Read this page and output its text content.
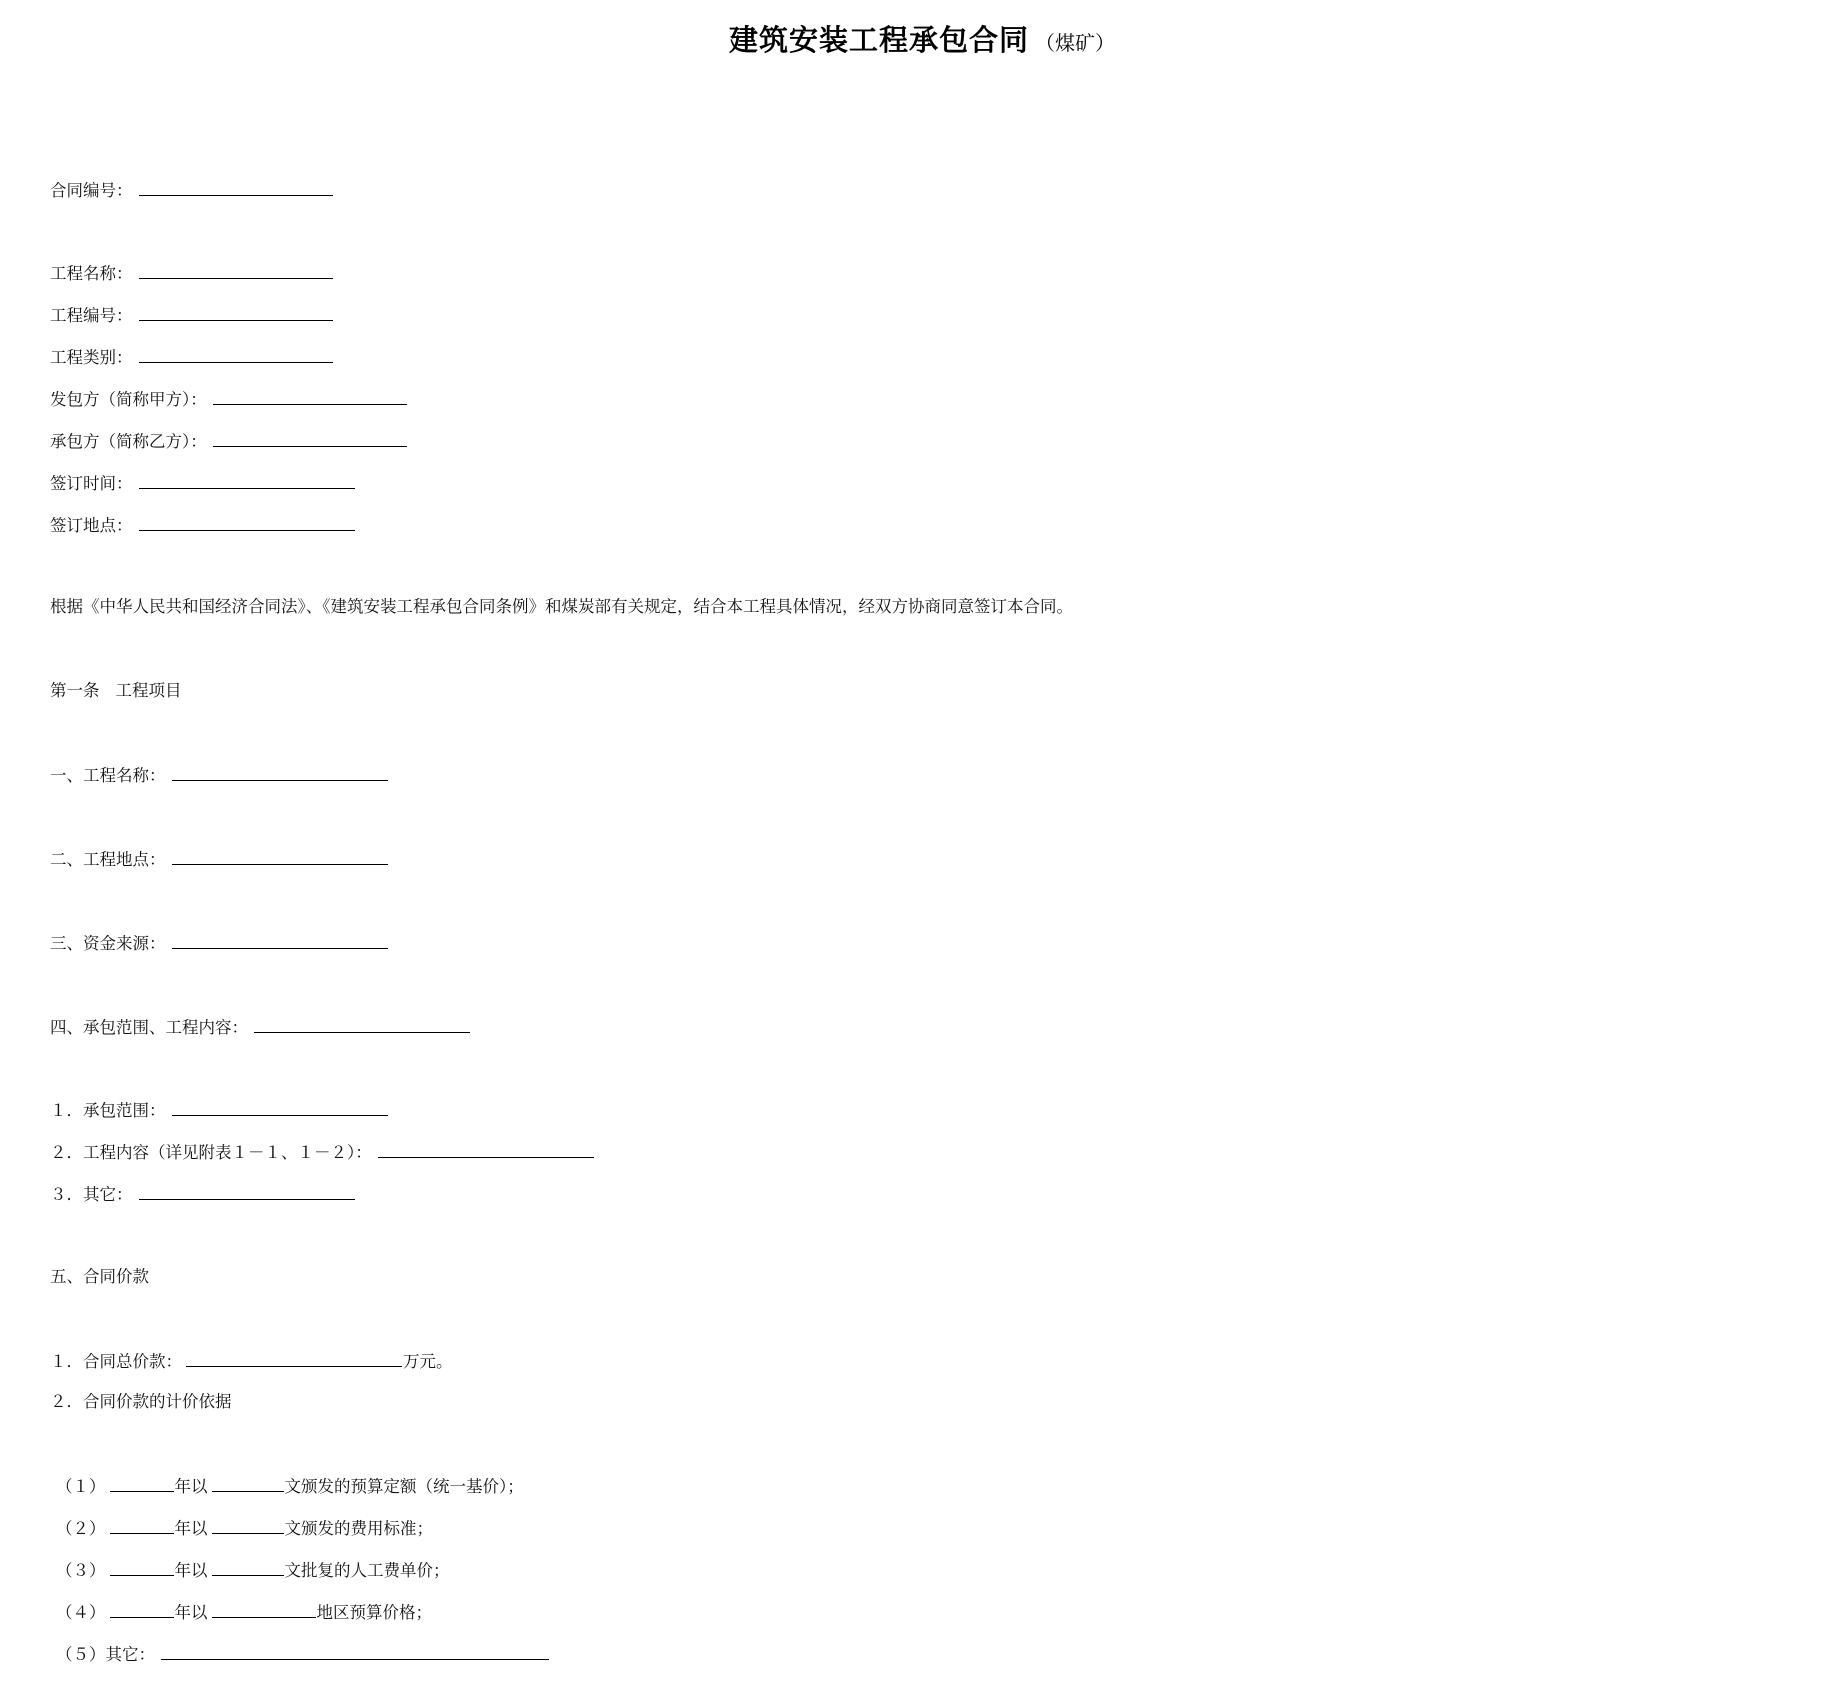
建筑安装工程承包合同 （煤矿）
合同编号：
工程名称：
工程编号：
工程类别：
发包方（简称甲方）：
承包方（简称乙方）：
签订时间：
签订地点：
根据《中华人民共和国经济合同法》、《建筑安装工程承包合同条例》和煤炭部有关规定，结合本工程具体情况，经双方协商同意签订本合同。
第一条 工程项目
一、工程名称：
二、工程地点：
三、资金来源：
四、承包范围、工程内容：
１．承包范围：
２．工程内容（详见附表１－１、１－２）：
３．其它：
五、合同价款
１．合同总价款：	万元。
２．合同价款的计价依据
（１）	年以	文颁发的预算定额（统一基价）；
（２）	年以	文颁发的费用标准；
（３）	年以	文批复的人工费单价；
（４）	年以	地区预算价格；
（５）其它：
